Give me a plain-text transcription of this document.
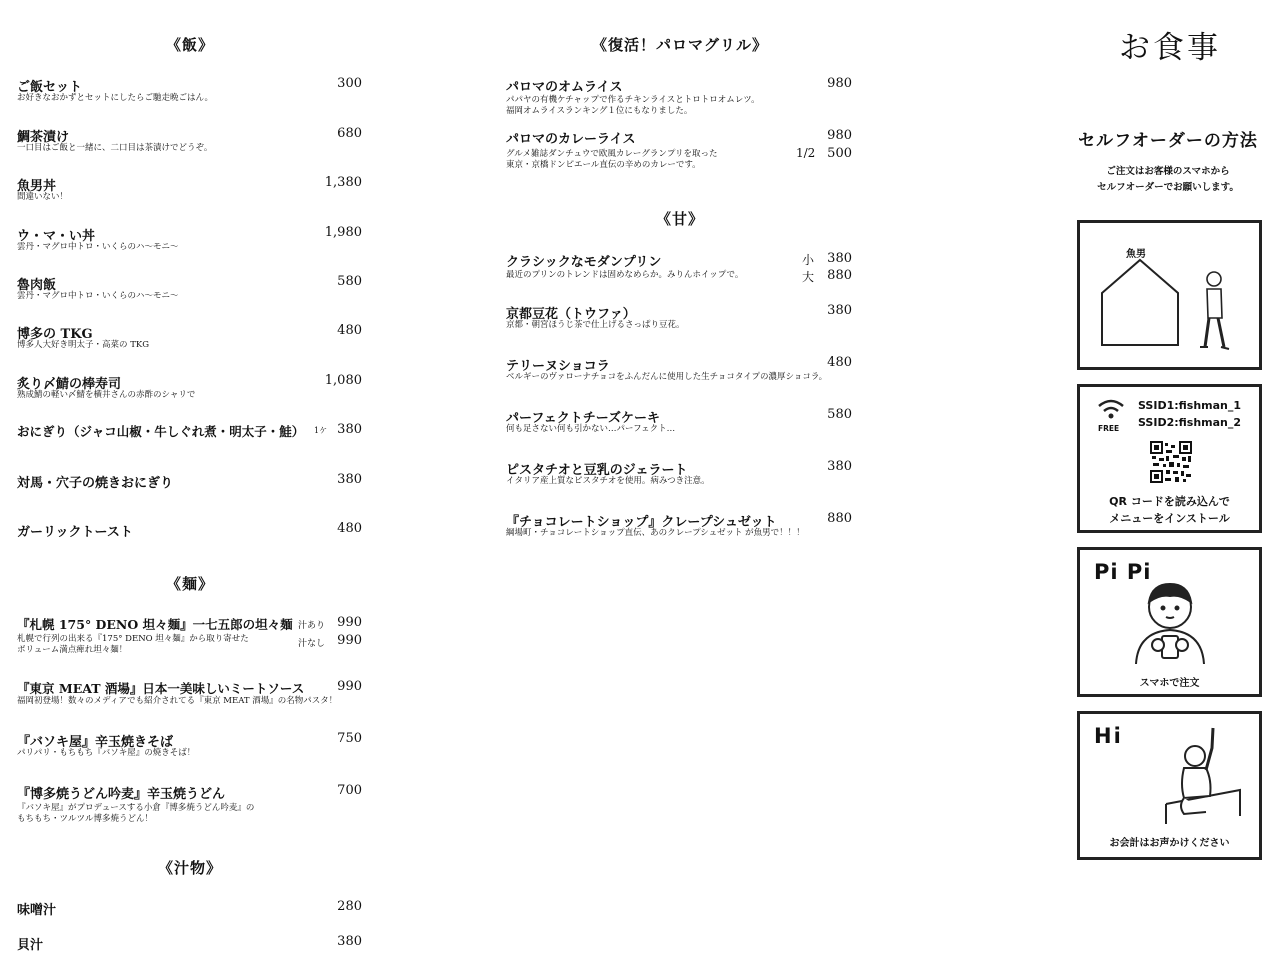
《飯》
ご飯セット	300
お好きなおかずとセットにしたらご馳走晩ごはん。
鯛茶漬け	680
一口目はご飯と一緒に、二口目は茶漬けでどうぞ。
魚男丼	1,380
間違いない！
ウ・マ・い丼	1,980
雲丹・マグロ中トロ・いくらのハ〜モニ〜
魯肉飯	580
雲丹・マグロ中トロ・いくらのハ〜モニ〜
博多の TKG	480
博多人大好き明太子・高菜の TKG
炙り〆鯖の棒寿司	1,080
熟成鯖の軽い〆鯖を横井さんの赤酢のシャリで
おにぎり（ジャコ山椒・牛しぐれ煮・明太子・鮭） 1ケ 380
対馬・穴子の焼きおにぎり	380
ガーリックトースト	480
《麺》
『札幌 175° DENO 坦々麺』一七五郎の坦々麺 汁あり 990
汁なし 990
札幌で行列の出来る『175° DENO 坦々麺』から取り寄せた
ボリューム満点痺れ坦々麺！
『東京 MEAT 酒場』日本一美味しいミートソース	990
福岡初登場！数々のメディアでも紹介されてる『東京 MEAT 酒場』の名物パスタ！
『バソキ屋』辛玉焼きそば	750
パリパリ・もちもち『バソキ屋』の焼きそば！
『博多焼うどん吟麦』辛玉焼うどん	700
『バソキ屋』がプロデュースする小倉『博多焼うどん吟麦』の
もちもち・ツルツル博多焼うどん！
《汁物》
味噌汁	280
貝汁	380
《復活！パロマグリル》
パロマのオムライス	980
パパヤの有機ケチャップで作るチキンライスとトロトロオムレツ。
福岡オムライスランキング１位にもなりました。
パロマのカレーライス	980
1/2 500
グルメ雑誌ダンチュウで欧風カレーグランプリを取った
東京・京橋ドンピエール直伝の辛めのカレーです。
《甘》
クラシックなモダンプリン	小 380
大 880
最近のプリンのトレンドは固めなめらか。みりんホイップで。
京都豆花（トウファ）	380
京都・朝宮ほうじ茶で仕上げるさっぱり豆花。
テリーヌショコラ	480
ベルギーのヴァローナチョコをふんだんに使用した生チョコタイプの濃厚ショコラ。
パーフェクトチーズケーキ	580
何も足さない何も引かない…パーフェクト…
ピスタチオと豆乳のジェラート	380
イタリア産上質なピスタチオを使用。病みつき注意。
『チョコレートショップ』クレープシュゼット	880
綱場町・チョコレートショップ直伝、あのクレープシュゼット が魚男で！！！
お食事
セルフオーダーの方法
ご注文はお客様のスマホから
セルフオーダーでお願いします。
魚男
FREE
SSID1:fishman_1
SSID2:fishman_2
QR コードを読み込んで
メニューをインストール
Pi Pi
スマホで注文
Hi
お会計はお声かけください
